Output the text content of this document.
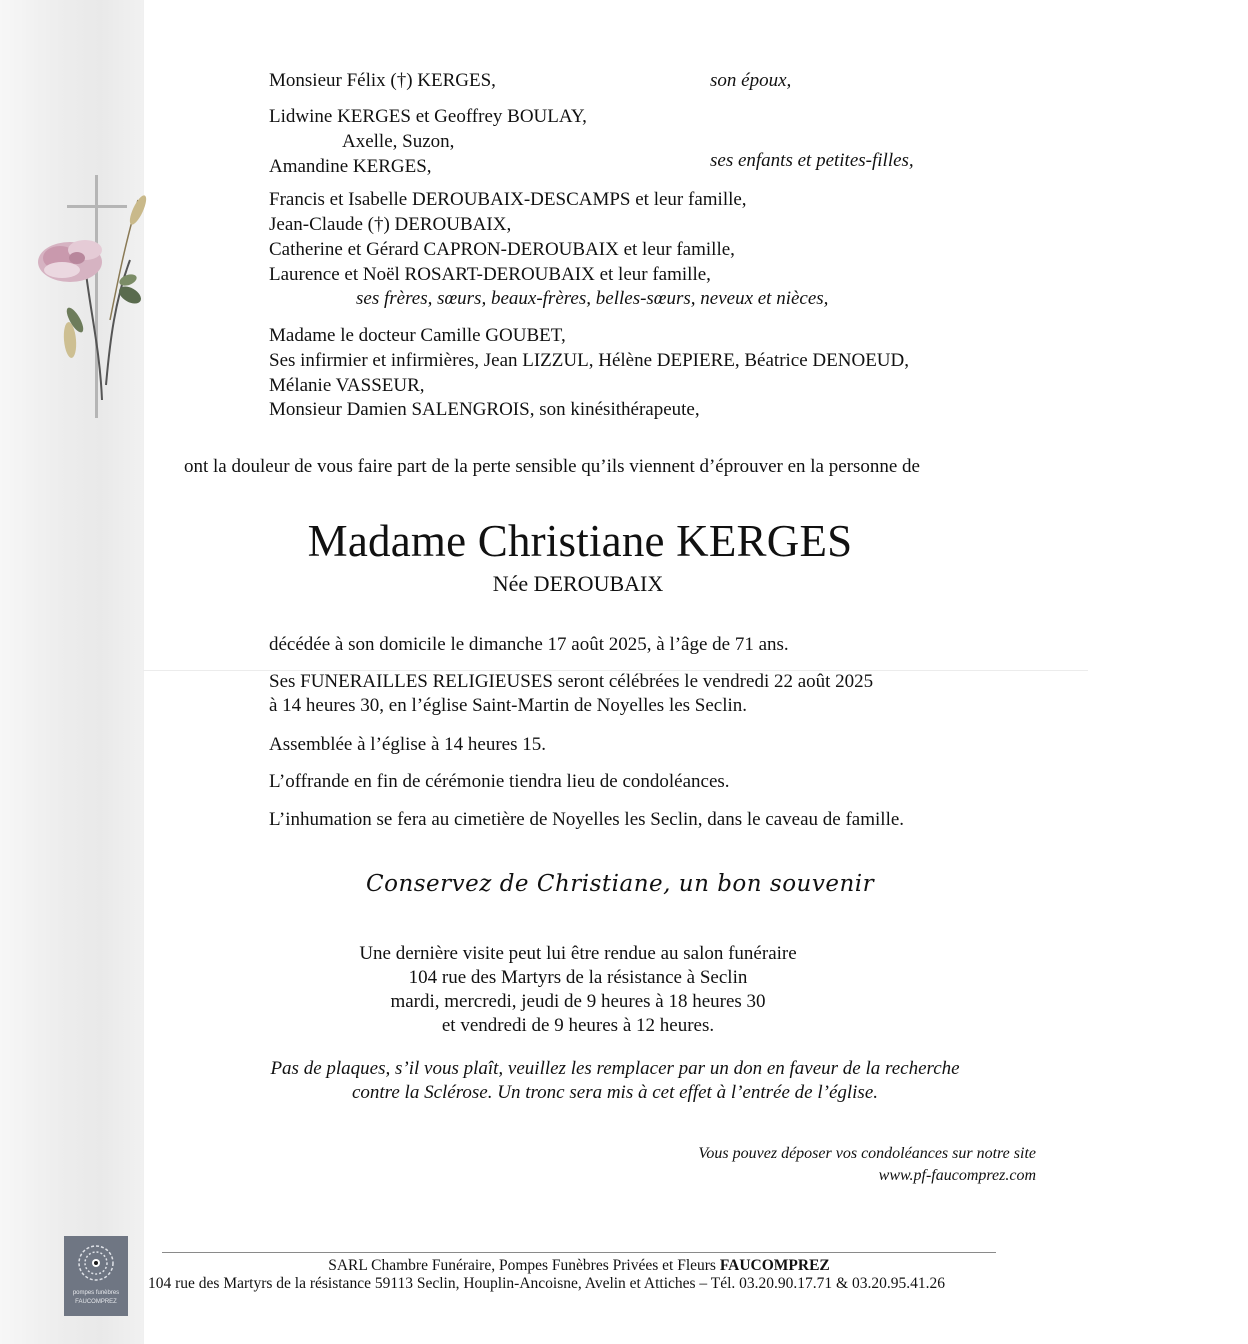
Monsieur Félix (†) KERGES,	son époux,
Lidwine KERGES et Geoffrey BOULAY,
Axelle, Suzon,
Amandine KERGES,	ses enfants et petites-filles,
Francis et Isabelle DEROUBAIX-DESCAMPS et leur famille,
Jean-Claude (†) DEROUBAIX,
Catherine et Gérard CAPRON-DEROUBAIX et leur famille,
Laurence et Noël ROSART-DEROUBAIX et leur famille,
ses frères, sœurs, beaux-frères, belles-sœurs, neveux et nièces,
Madame le docteur Camille GOUBET,
Ses infirmier et infirmières, Jean LIZZUL, Hélène DEPIERE, Béatrice DENOEUD,
Mélanie VASSEUR,
Monsieur Damien SALENGROIS, son kinésithérapeute,
ont la douleur de vous faire part de la perte sensible qu’ils viennent d’éprouver en la personne de
Madame Christiane KERGES
Née DEROUBAIX
décédée à son domicile le dimanche 17 août 2025, à l’âge de 71 ans.
Ses FUNERAILLES RELIGIEUSES seront célébrées le vendredi 22 août 2025
à 14 heures 30, en l’église Saint-Martin de Noyelles les Seclin.
Assemblée à l’église à 14 heures 15.
L’offrande en fin de cérémonie tiendra lieu de condoléances.
L’inhumation se fera au cimetière de Noyelles les Seclin, dans le caveau de famille.
Conservez de Christiane, un bon souvenir
Une dernière visite peut lui être rendue au salon funéraire
104 rue des Martyrs de la résistance à Seclin
mardi, mercredi, jeudi de 9 heures à 18 heures 30
et vendredi de 9 heures à 12 heures.
Pas de plaques, s’il vous plaît, veuillez les remplacer par un don en faveur de la recherche
contre la Sclérose. Un tronc sera mis à cet effet à l’entrée de l’église.
Vous pouvez déposer vos condoléances sur notre site
www.pf-faucomprez.com
pompes funèbres
FAUCOMPREZ
SARL Chambre Funéraire, Pompes Funèbres Privées et Fleurs FAUCOMPREZ
104 rue des Martyrs de la résistance 59113 Seclin, Houplin-Ancoisne, Avelin et Attiches – Tél. 03.20.90.17.71 & 03.20.95.41.26
